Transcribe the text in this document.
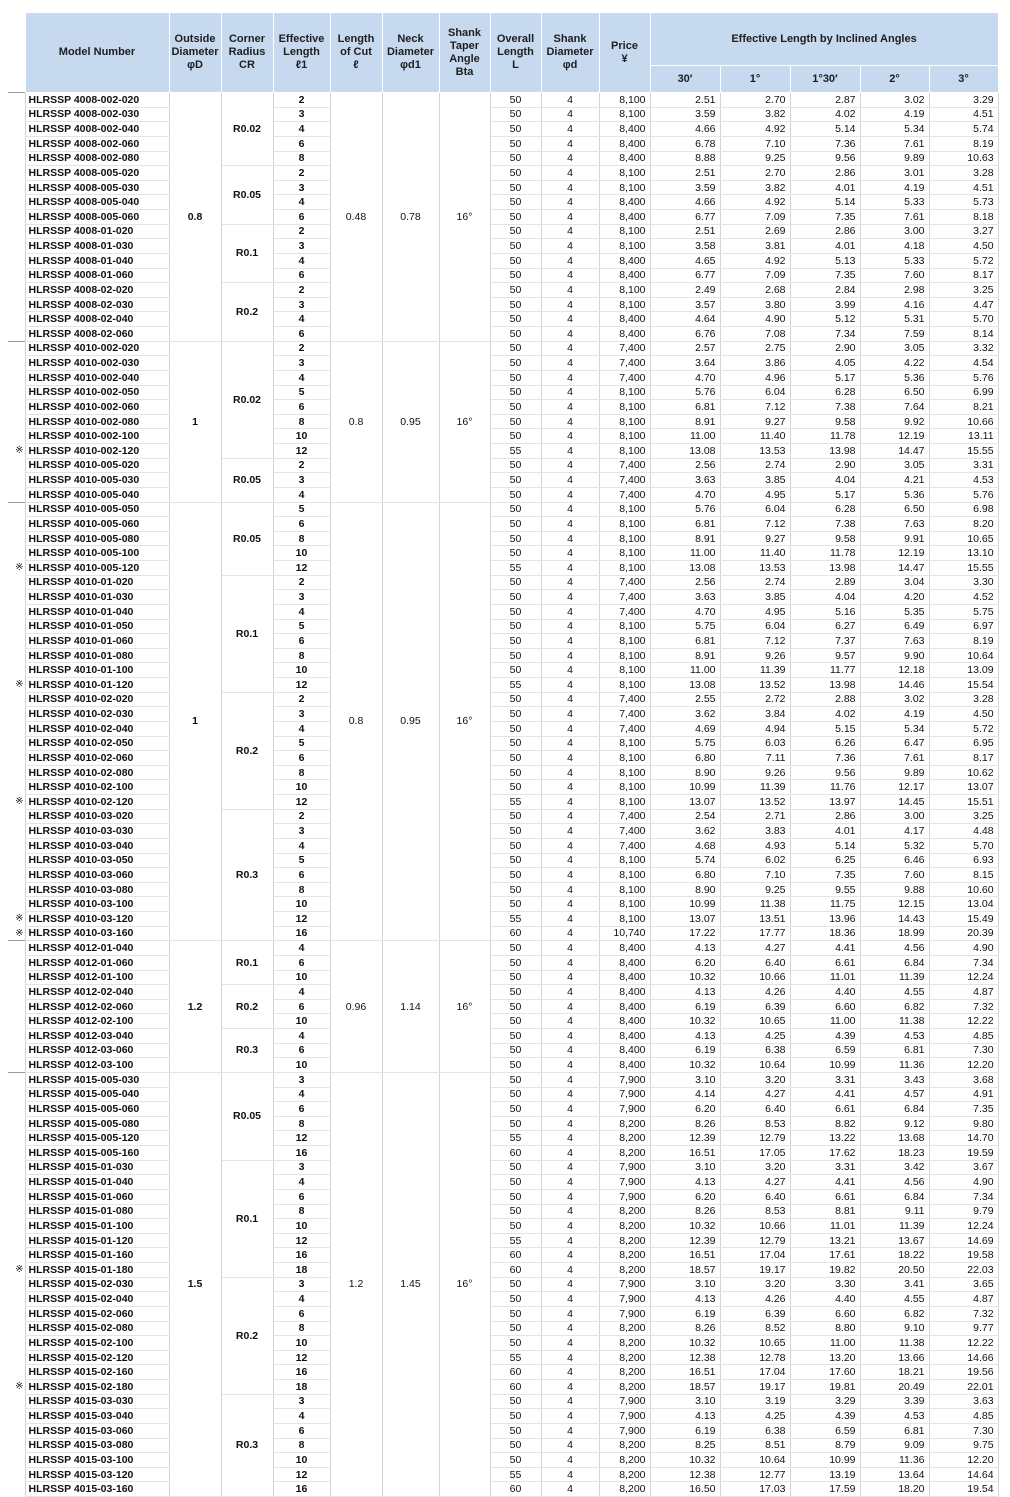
	Model Number	Outside
Diameter
φD	Corner
Radius
CR	Effective
Length
ℓ1	Length
of Cut
ℓ	Neck
Diameter
φd1	Shank
Taper
Angle
Bta	Overall
Length
L	Shank
Diameter
φd	Price
¥	Effective Length by Inclined Angles				
											30′	1°	1°30′	2°	3°
	HLRSSP 4008-002-020	0.8	R0.02	2	0.48	0.78	16°	50	4	8,100	2.51	2.70	2.87	3.02	3.29
	HLRSSP 4008-002-030			3				50	4	8,100	3.59	3.82	4.02	4.19	4.51
	HLRSSP 4008-002-040			4				50	4	8,400	4.66	4.92	5.14	5.34	5.74
	HLRSSP 4008-002-060			6				50	4	8,400	6.78	7.10	7.36	7.61	8.19
	HLRSSP 4008-002-080			8				50	4	8,400	8.88	9.25	9.56	9.89	10.63
	HLRSSP 4008-005-020		R0.05	2				50	4	8,100	2.51	2.70	2.86	3.01	3.28
	HLRSSP 4008-005-030			3				50	4	8,100	3.59	3.82	4.01	4.19	4.51
	HLRSSP 4008-005-040			4				50	4	8,400	4.66	4.92	5.14	5.33	5.73
	HLRSSP 4008-005-060			6				50	4	8,400	6.77	7.09	7.35	7.61	8.18
	HLRSSP 4008-01-020		R0.1	2				50	4	8,100	2.51	2.69	2.86	3.00	3.27
	HLRSSP 4008-01-030			3				50	4	8,100	3.58	3.81	4.01	4.18	4.50
	HLRSSP 4008-01-040			4				50	4	8,400	4.65	4.92	5.13	5.33	5.72
	HLRSSP 4008-01-060			6				50	4	8,400	6.77	7.09	7.35	7.60	8.17
	HLRSSP 4008-02-020		R0.2	2				50	4	8,100	2.49	2.68	2.84	2.98	3.25
	HLRSSP 4008-02-030			3				50	4	8,100	3.57	3.80	3.99	4.16	4.47
	HLRSSP 4008-02-040			4				50	4	8,400	4.64	4.90	5.12	5.31	5.70
	HLRSSP 4008-02-060			6				50	4	8,400	6.76	7.08	7.34	7.59	8.14
	HLRSSP 4010-002-020	1	R0.02	2	0.8	0.95	16°	50	4	7,400	2.57	2.75	2.90	3.05	3.32
	HLRSSP 4010-002-030			3				50	4	7,400	3.64	3.86	4.05	4.22	4.54
	HLRSSP 4010-002-040			4				50	4	7,400	4.70	4.96	5.17	5.36	5.76
	HLRSSP 4010-002-050			5				50	4	8,100	5.76	6.04	6.28	6.50	6.99
	HLRSSP 4010-002-060			6				50	4	8,100	6.81	7.12	7.38	7.64	8.21
	HLRSSP 4010-002-080			8				50	4	8,100	8.91	9.27	9.58	9.92	10.66
	HLRSSP 4010-002-100			10				50	4	8,100	11.00	11.40	11.78	12.19	13.11
※	HLRSSP 4010-002-120			12				55	4	8,100	13.08	13.53	13.98	14.47	15.55
	HLRSSP 4010-005-020		R0.05	2				50	4	7,400	2.56	2.74	2.90	3.05	3.31
	HLRSSP 4010-005-030			3				50	4	7,400	3.63	3.85	4.04	4.21	4.53
	HLRSSP 4010-005-040			4				50	4	7,400	4.70	4.95	5.17	5.36	5.76
	HLRSSP 4010-005-050	1	R0.05	5	0.8	0.95	16°	50	4	8,100	5.76	6.04	6.28	6.50	6.98
	HLRSSP 4010-005-060			6				50	4	8,100	6.81	7.12	7.38	7.63	8.20
	HLRSSP 4010-005-080			8				50	4	8,100	8.91	9.27	9.58	9.91	10.65
	HLRSSP 4010-005-100			10				50	4	8,100	11.00	11.40	11.78	12.19	13.10
※	HLRSSP 4010-005-120			12				55	4	8,100	13.08	13.53	13.98	14.47	15.55
	HLRSSP 4010-01-020		R0.1	2				50	4	7,400	2.56	2.74	2.89	3.04	3.30
	HLRSSP 4010-01-030			3				50	4	7,400	3.63	3.85	4.04	4.20	4.52
	HLRSSP 4010-01-040			4				50	4	7,400	4.70	4.95	5.16	5.35	5.75
	HLRSSP 4010-01-050			5				50	4	8,100	5.75	6.04	6.27	6.49	6.97
	HLRSSP 4010-01-060			6				50	4	8,100	6.81	7.12	7.37	7.63	8.19
	HLRSSP 4010-01-080			8				50	4	8,100	8.91	9.26	9.57	9.90	10.64
	HLRSSP 4010-01-100			10				50	4	8,100	11.00	11.39	11.77	12.18	13.09
※	HLRSSP 4010-01-120			12				55	4	8,100	13.08	13.52	13.98	14.46	15.54
	HLRSSP 4010-02-020		R0.2	2				50	4	7,400	2.55	2.72	2.88	3.02	3.28
	HLRSSP 4010-02-030			3				50	4	7,400	3.62	3.84	4.02	4.19	4.50
	HLRSSP 4010-02-040			4				50	4	7,400	4.69	4.94	5.15	5.34	5.72
	HLRSSP 4010-02-050			5				50	4	8,100	5.75	6.03	6.26	6.47	6.95
	HLRSSP 4010-02-060			6				50	4	8,100	6.80	7.11	7.36	7.61	8.17
	HLRSSP 4010-02-080			8				50	4	8,100	8.90	9.26	9.56	9.89	10.62
	HLRSSP 4010-02-100			10				50	4	8,100	10.99	11.39	11.76	12.17	13.07
※	HLRSSP 4010-02-120			12				55	4	8,100	13.07	13.52	13.97	14.45	15.51
	HLRSSP 4010-03-020		R0.3	2				50	4	7,400	2.54	2.71	2.86	3.00	3.25
	HLRSSP 4010-03-030			3				50	4	7,400	3.62	3.83	4.01	4.17	4.48
	HLRSSP 4010-03-040			4				50	4	7,400	4.68	4.93	5.14	5.32	5.70
	HLRSSP 4010-03-050			5				50	4	8,100	5.74	6.02	6.25	6.46	6.93
	HLRSSP 4010-03-060			6				50	4	8,100	6.80	7.10	7.35	7.60	8.15
	HLRSSP 4010-03-080			8				50	4	8,100	8.90	9.25	9.55	9.88	10.60
	HLRSSP 4010-03-100			10				50	4	8,100	10.99	11.38	11.75	12.15	13.04
※	HLRSSP 4010-03-120			12				55	4	8,100	13.07	13.51	13.96	14.43	15.49
※	HLRSSP 4010-03-160			16				60	4	10,740	17.22	17.77	18.36	18.99	20.39
	HLRSSP 4012-01-040	1.2	R0.1	4	0.96	1.14	16°	50	4	8,400	4.13	4.27	4.41	4.56	4.90
	HLRSSP 4012-01-060			6				50	4	8,400	6.20	6.40	6.61	6.84	7.34
	HLRSSP 4012-01-100			10				50	4	8,400	10.32	10.66	11.01	11.39	12.24
	HLRSSP 4012-02-040		R0.2	4				50	4	8,400	4.13	4.26	4.40	4.55	4.87
	HLRSSP 4012-02-060			6				50	4	8,400	6.19	6.39	6.60	6.82	7.32
	HLRSSP 4012-02-100			10				50	4	8,400	10.32	10.65	11.00	11.38	12.22
	HLRSSP 4012-03-040		R0.3	4				50	4	8,400	4.13	4.25	4.39	4.53	4.85
	HLRSSP 4012-03-060			6				50	4	8,400	6.19	6.38	6.59	6.81	7.30
	HLRSSP 4012-03-100			10				50	4	8,400	10.32	10.64	10.99	11.36	12.20
	HLRSSP 4015-005-030	1.5	R0.05	3	1.2	1.45	16°	50	4	7,900	3.10	3.20	3.31	3.43	3.68
	HLRSSP 4015-005-040			4				50	4	7,900	4.14	4.27	4.41	4.57	4.91
	HLRSSP 4015-005-060			6				50	4	7,900	6.20	6.40	6.61	6.84	7.35
	HLRSSP 4015-005-080			8				50	4	8,200	8.26	8.53	8.82	9.12	9.80
	HLRSSP 4015-005-120			12				55	4	8,200	12.39	12.79	13.22	13.68	14.70
	HLRSSP 4015-005-160			16				60	4	8,200	16.51	17.05	17.62	18.23	19.59
	HLRSSP 4015-01-030		R0.1	3				50	4	7,900	3.10	3.20	3.31	3.42	3.67
	HLRSSP 4015-01-040			4				50	4	7,900	4.13	4.27	4.41	4.56	4.90
	HLRSSP 4015-01-060			6				50	4	7,900	6.20	6.40	6.61	6.84	7.34
	HLRSSP 4015-01-080			8				50	4	8,200	8.26	8.53	8.81	9.11	9.79
	HLRSSP 4015-01-100			10				50	4	8,200	10.32	10.66	11.01	11.39	12.24
	HLRSSP 4015-01-120			12				55	4	8,200	12.39	12.79	13.21	13.67	14.69
	HLRSSP 4015-01-160			16				60	4	8,200	16.51	17.04	17.61	18.22	19.58
※	HLRSSP 4015-01-180			18				60	4	8,200	18.57	19.17	19.82	20.50	22.03
	HLRSSP 4015-02-030		R0.2	3				50	4	7,900	3.10	3.20	3.30	3.41	3.65
	HLRSSP 4015-02-040			4				50	4	7,900	4.13	4.26	4.40	4.55	4.87
	HLRSSP 4015-02-060			6				50	4	7,900	6.19	6.39	6.60	6.82	7.32
	HLRSSP 4015-02-080			8				50	4	8,200	8.26	8.52	8.80	9.10	9.77
	HLRSSP 4015-02-100			10				50	4	8,200	10.32	10.65	11.00	11.38	12.22
	HLRSSP 4015-02-120			12				55	4	8,200	12.38	12.78	13.20	13.66	14.66
	HLRSSP 4015-02-160			16				60	4	8,200	16.51	17.04	17.60	18.21	19.56
※	HLRSSP 4015-02-180			18				60	4	8,200	18.57	19.17	19.81	20.49	22.01
	HLRSSP 4015-03-030		R0.3	3				50	4	7,900	3.10	3.19	3.29	3.39	3.63
	HLRSSP 4015-03-040			4				50	4	7,900	4.13	4.25	4.39	4.53	4.85
	HLRSSP 4015-03-060			6				50	4	7,900	6.19	6.38	6.59	6.81	7.30
	HLRSSP 4015-03-080			8				50	4	8,200	8.25	8.51	8.79	9.09	9.75
	HLRSSP 4015-03-100			10				50	4	8,200	10.32	10.64	10.99	11.36	12.20
	HLRSSP 4015-03-120			12				55	4	8,200	12.38	12.77	13.19	13.64	14.64
	HLRSSP 4015-03-160			16				60	4	8,200	16.50	17.03	17.59	18.20	19.54
